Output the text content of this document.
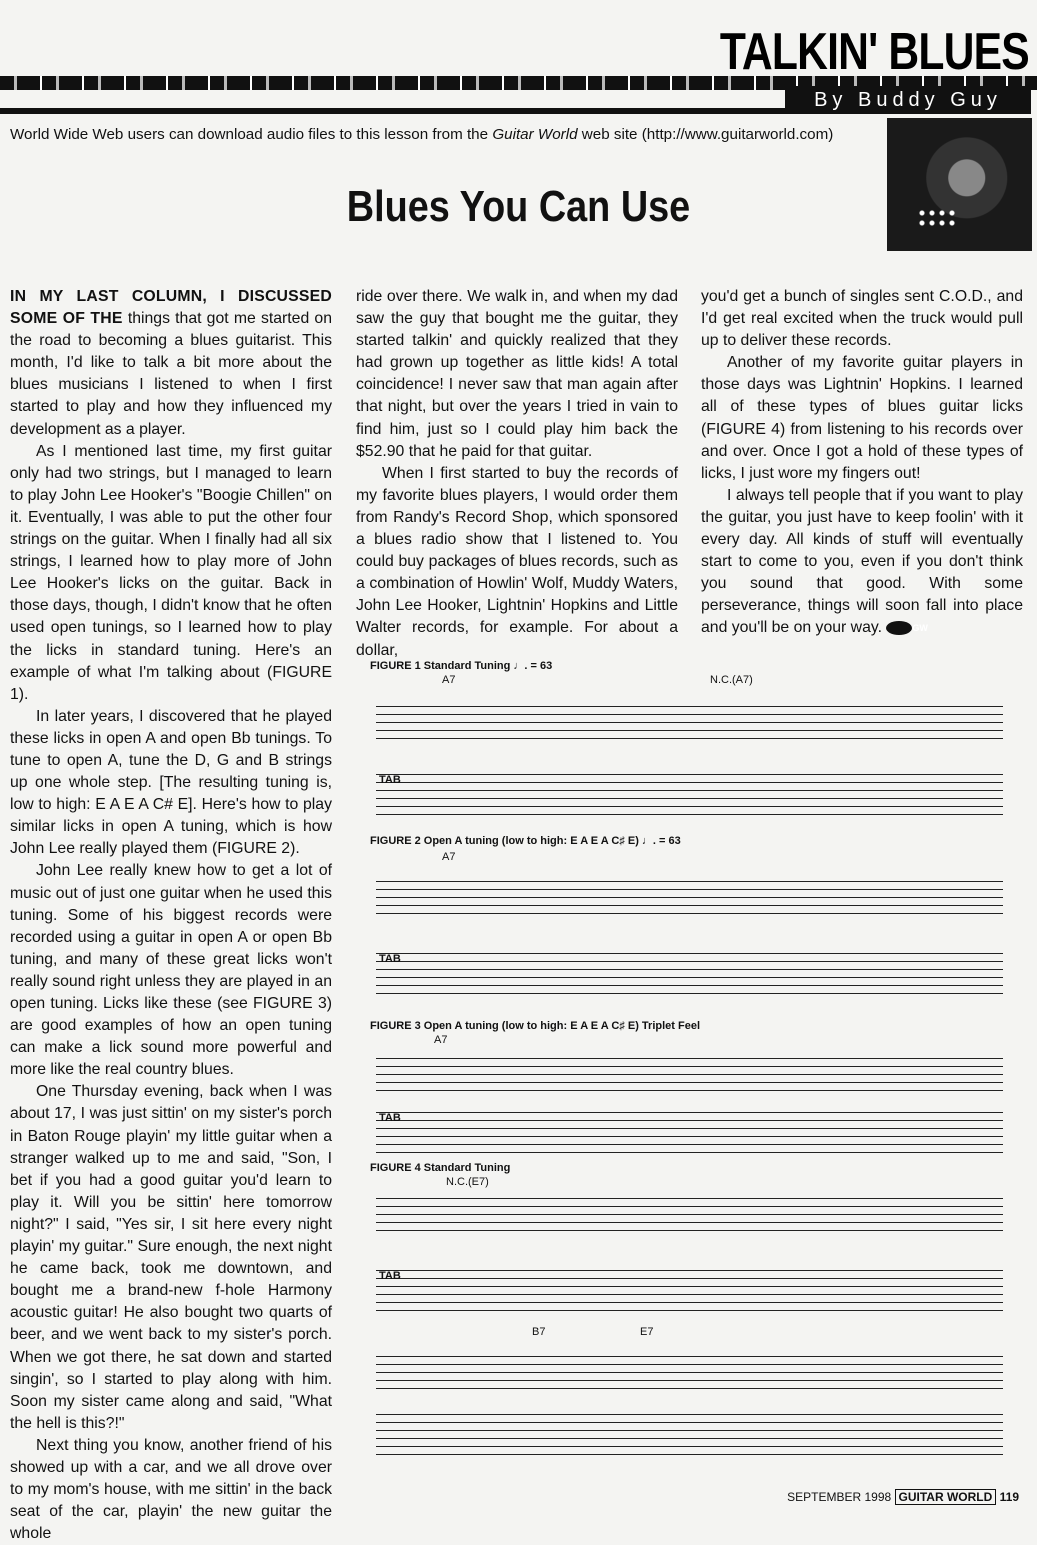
TALKIN' BLUES
By Buddy Guy
World Wide Web users can download audio files to this lesson from the Guitar World web site (http://www.guitarworld.com)
Blues You Can Use

IN MY LAST COLUMN, I DISCUSSED SOME OF THE things that got me started on the road to becoming a blues guitarist. This month, I'd like to talk a bit more about the blues musicians I listened to when I first started to play and how they influenced my development as a player.

As I mentioned last time, my first guitar only had two strings, but I managed to learn to play John Lee Hooker's "Boogie Chillen" on it. Eventually, I was able to put the other four strings on the guitar. When I finally had all six strings, I learned how to play more of John Lee Hooker's licks on the guitar. Back in those days, though, I didn't know that he often used open tunings, so I learned how to play the licks in standard tuning. Here's an example of what I'm talking about (FIGURE 1).

In later years, I discovered that he played these licks in open A and open Bb tunings. To tune to open A, tune the D, G and B strings up one whole step. [The resulting tuning is, low to high: E A E A C# E]. Here's how to play similar licks in open A tuning, which is how John Lee really played them (FIGURE 2).

John Lee really knew how to get a lot of music out of just one guitar when he used this tuning. Some of his biggest records were recorded using a guitar in open A or open Bb tuning, and many of these great licks won't really sound right unless they are played in an open tuning. Licks like these (see FIGURE 3) are good examples of how an open tuning can make a lick sound more powerful and more like the real country blues.

One Thursday evening, back when I was about 17, I was just sittin' on my sister's porch in Baton Rouge playin' my little guitar when a stranger walked up to me and said, "Son, I bet if you had a good guitar you'd learn to play it. Will you be sittin' here tomorrow night?" I said, "Yes sir, I sit here every night playin' my guitar." Sure enough, the next night he came back, took me downtown, and bought me a brand-new f-hole Harmony acoustic guitar! He also bought two quarts of beer, and we went back to my sister's porch. When we got there, he sat down and started singin', so I started to play along with him. Soon my sister came along and said, "What the hell is this?!"

Next thing you know, another friend of his showed up with a car, and we all drove over to my mom's house, with me sittin' in the back seat of the car, playin' the new guitar the whole

ride over there. We walk in, and when my dad saw the guy that bought me the guitar, they started talkin' and quickly realized that they had grown up together as little kids! A total coincidence! I never saw that man again after that night, but over the years I tried in vain to find him, just so I could play him back the $52.90 that he paid for that guitar.

When I first started to buy the records of my favorite blues players, I would order them from Randy's Record Shop, which sponsored a blues radio show that I listened to. You could buy packages of blues records, such as a combination of Howlin' Wolf, Muddy Waters, John Lee Hooker, Lightnin' Hopkins and Little Walter records, for example. For about a dollar,

you'd get a bunch of singles sent C.O.D., and I'd get real excited when the truck would pull up to deliver these records.

Another of my favorite guitar players in those days was Lightnin' Hopkins. I learned all of these types of blues guitar licks (FIGURE 4) from listening to his records over and over. Once I got a hold of these types of licks, I just wore my fingers out!

I always tell people that if you want to play the guitar, you just have to keep foolin' with it every day. All kinds of stuff will eventually start to come to you, even if you don't think you sound that good. With some perseverance, things will soon fall into place and you'll be on your way.	GW

FIGURE 1 Standard Tuning ♩. = 63
A7	N.C.(A7)
TAB
FIGURE 2 Open A tuning (low to high: E A E A C♯ E) ♩. = 63
A7
TAB
FIGURE 3 Open A tuning (low to high: E A E A C♯ E) Triplet Feel
A7
TAB
FIGURE 4 Standard Tuning
N.C.(E7)
TAB
B7	E7
SEPTEMBER 1998 GUITAR WORLD 119
